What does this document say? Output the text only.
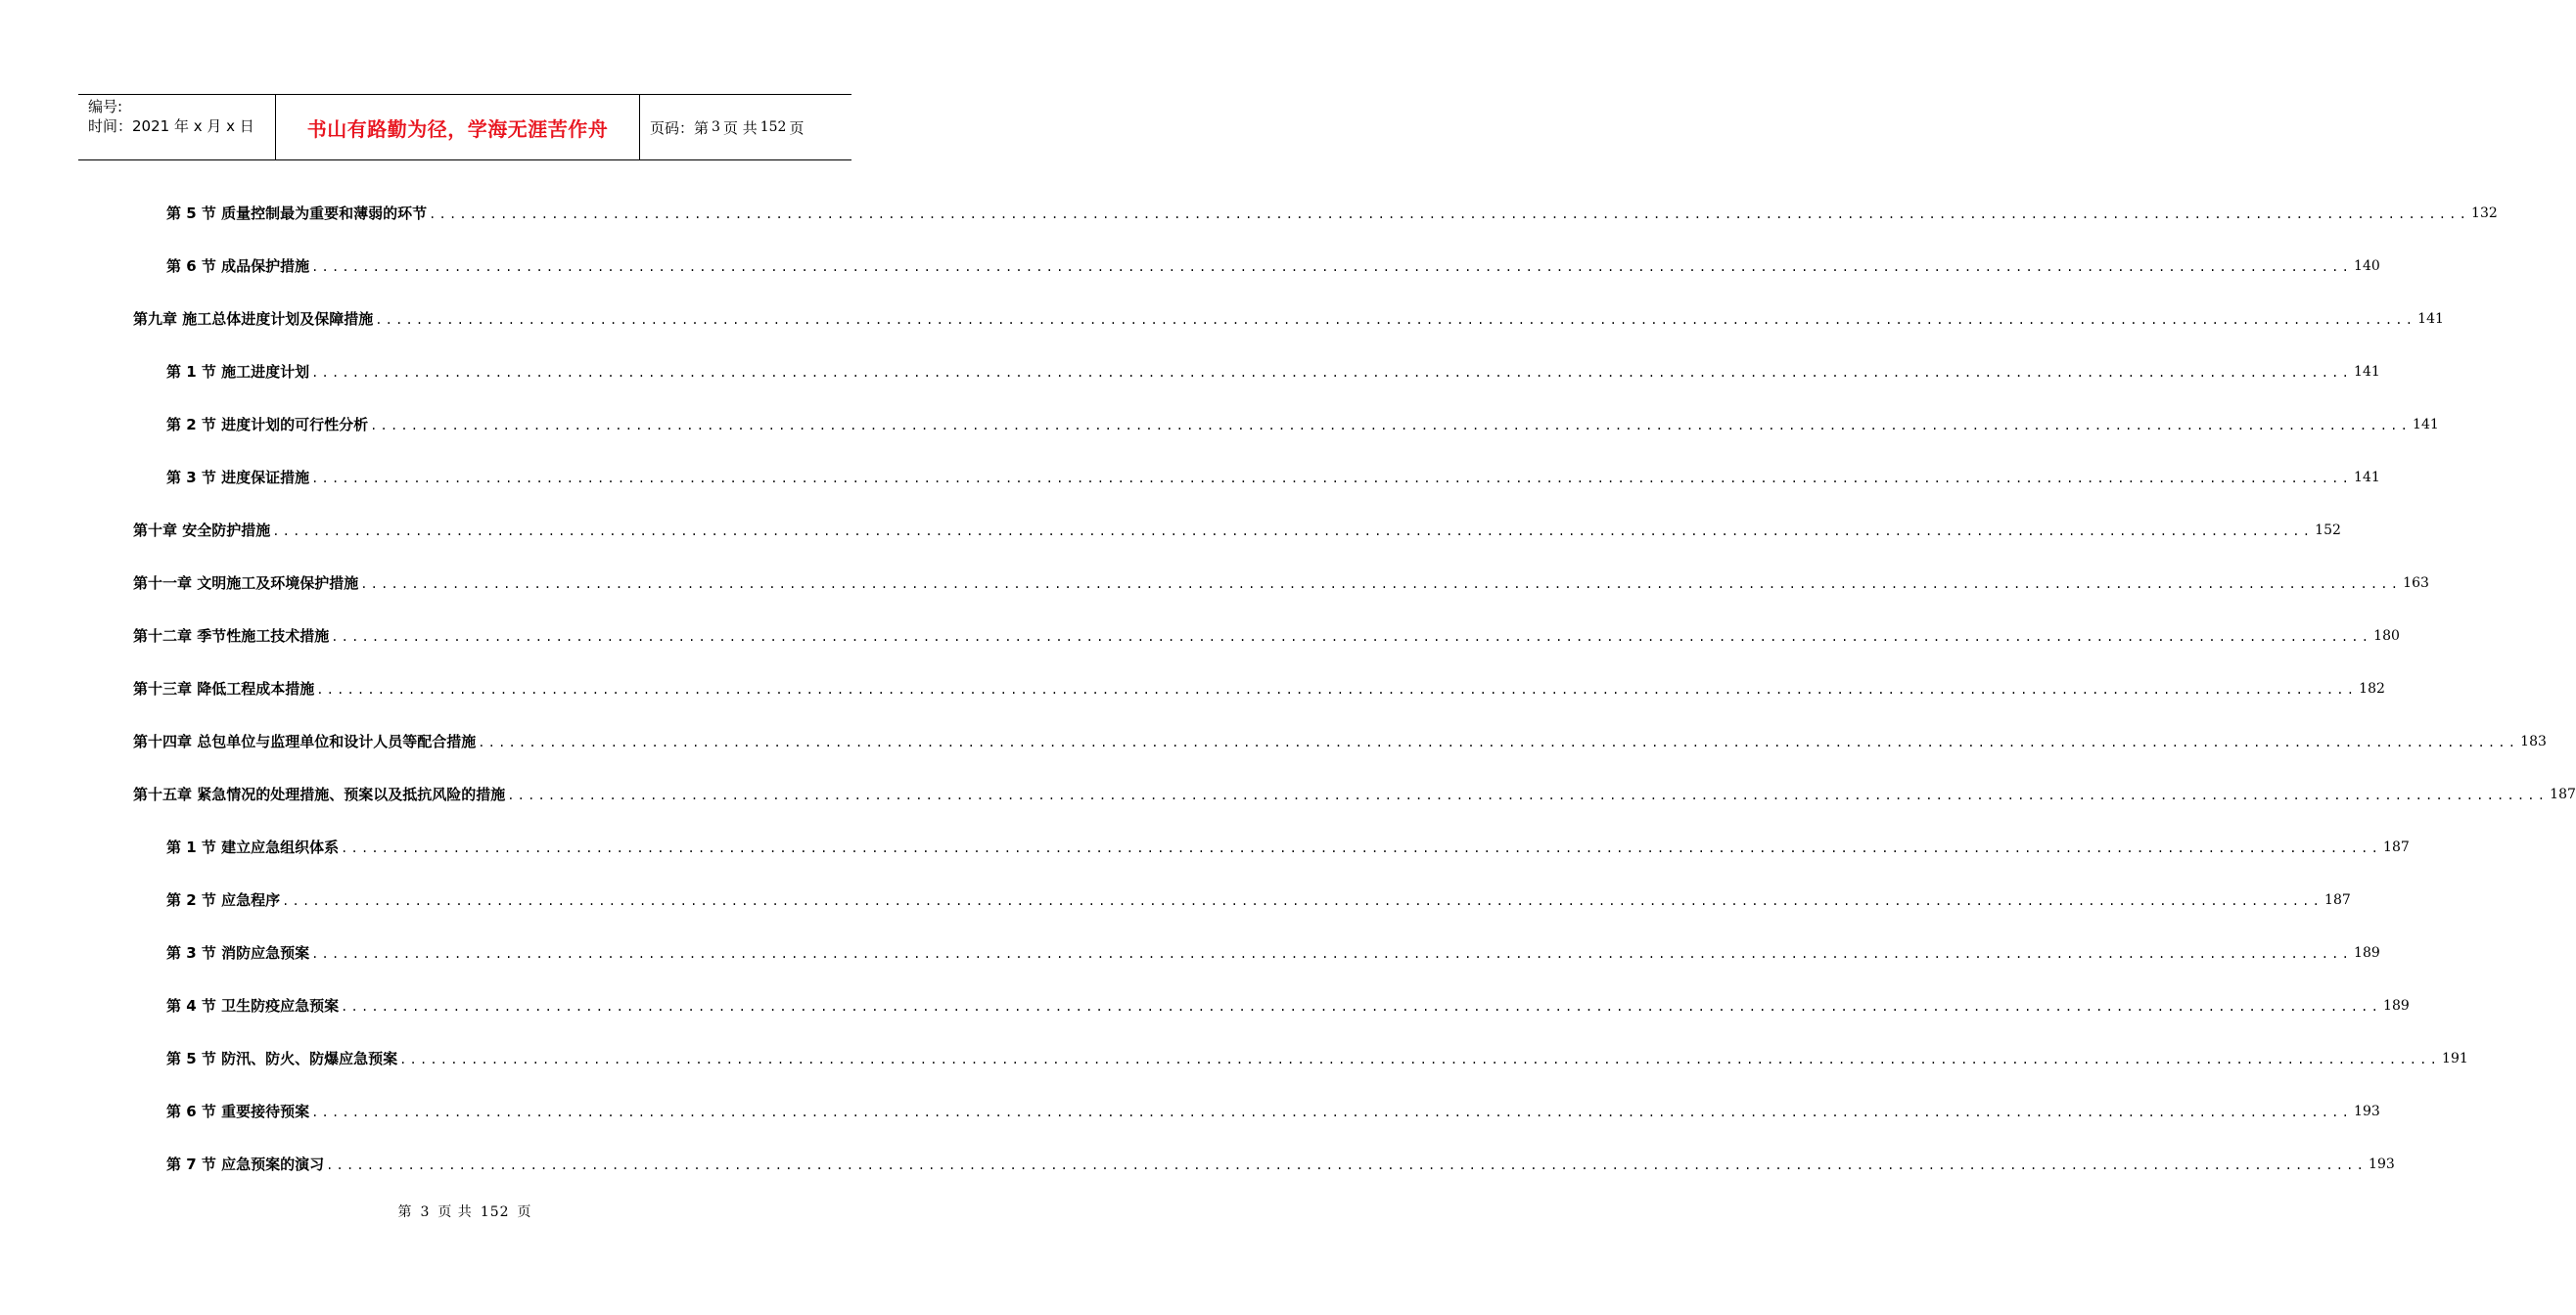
编号:
时间：2021 年 x 月 x 日	书山有路勤为径，学海无涯苦作舟	页码：第 3 页 共 152 页
第 5 节 质量控制最为重要和薄弱的环节 ........................................................................................................................................................................................................ 132
第 6 节 成品保护措施 ........................................................................................................................................................................................................ 140
第九章 施工总体进度计划及保障措施 ........................................................................................................................................................................................................ 141
第 1 节 施工进度计划 ........................................................................................................................................................................................................ 141
第 2 节 进度计划的可行性分析 ........................................................................................................................................................................................................ 141
第 3 节 进度保证措施 ........................................................................................................................................................................................................ 141
第十章 安全防护措施 ........................................................................................................................................................................................................ 152
第十一章 文明施工及环境保护措施 ........................................................................................................................................................................................................ 163
第十二章 季节性施工技术措施 ........................................................................................................................................................................................................ 180
第十三章 降低工程成本措施 ........................................................................................................................................................................................................ 182
第十四章 总包单位与监理单位和设计人员等配合措施 ........................................................................................................................................................................................................ 183
第十五章 紧急情况的处理措施、预案以及抵抗风险的措施 ........................................................................................................................................................................................................ 187
第 1 节 建立应急组织体系 ........................................................................................................................................................................................................ 187
第 2 节 应急程序 ........................................................................................................................................................................................................ 187
第 3 节 消防应急预案 ........................................................................................................................................................................................................ 189
第 4 节 卫生防疫应急预案 ........................................................................................................................................................................................................ 189
第 5 节 防汛、防火、防爆应急预案 ........................................................................................................................................................................................................ 191
第 6 节 重要接待预案 ........................................................................................................................................................................................................ 193
第 7 节 应急预案的演习 ........................................................................................................................................................................................................ 193
第 3 页 共 152 页
